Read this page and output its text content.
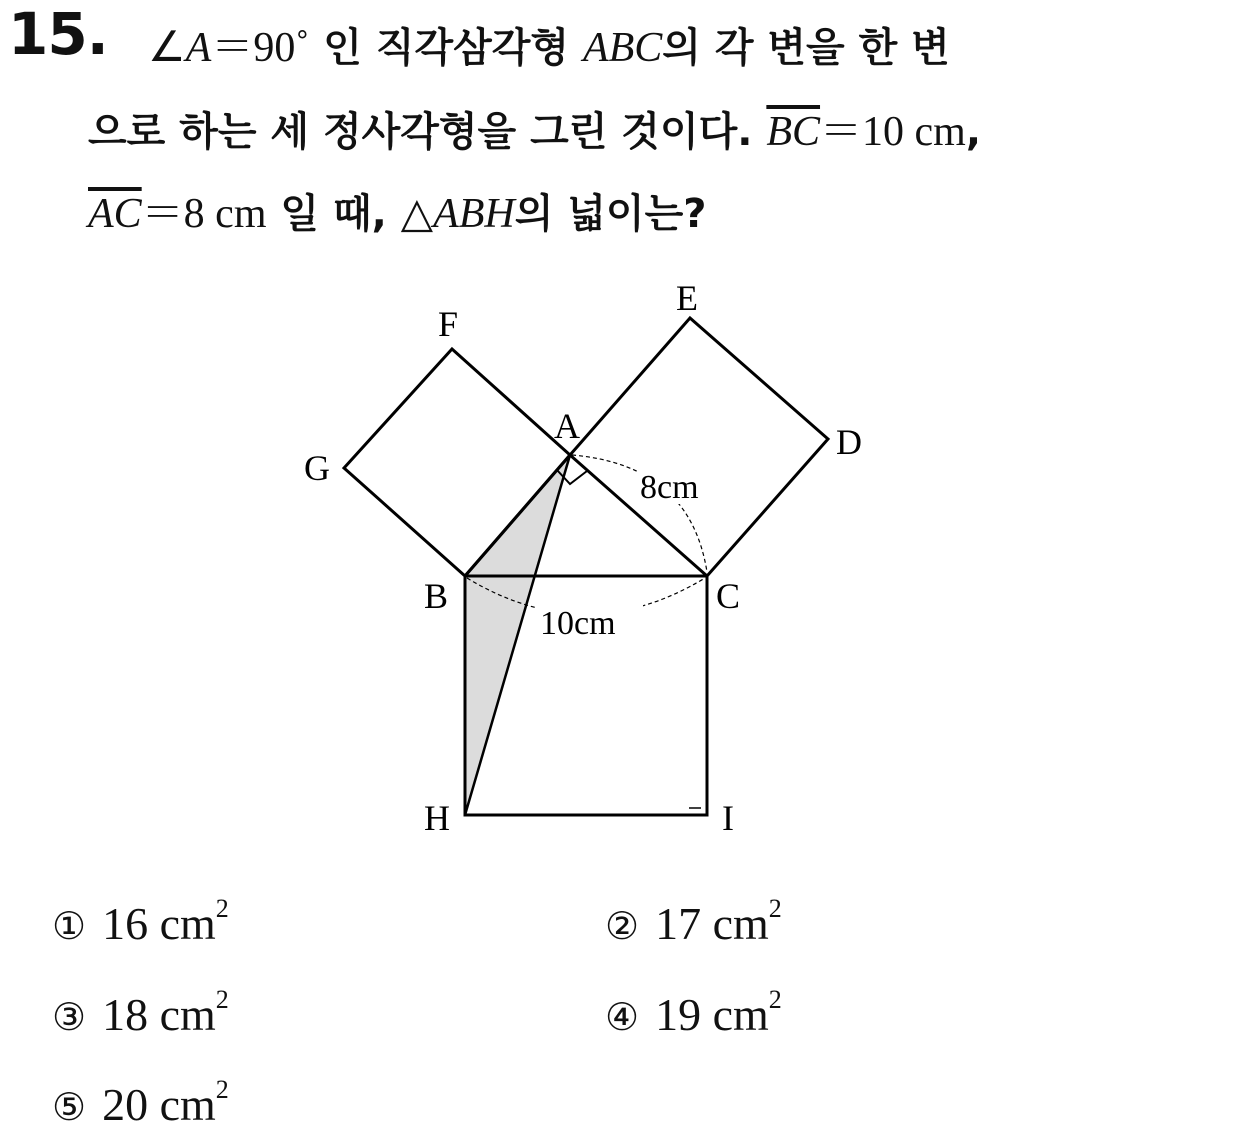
15. ∠A＝90˚ 인 직각삼각형 ABC의 각 변을 한 변
으로 하는 세 정사각형을 그린 것이다. $\overline{BC}=10$ cm,
$\overline{AC}=8$ cm 일 때, △ABH의 넓이는?
A
B	C
D
E
F
G
H	I
8cm
10cm
① 16 $cm^2$	② 17 $cm^2$
③ 18 $cm^2$	④ 19 $cm^2$
⑤ 20 $cm^2$
